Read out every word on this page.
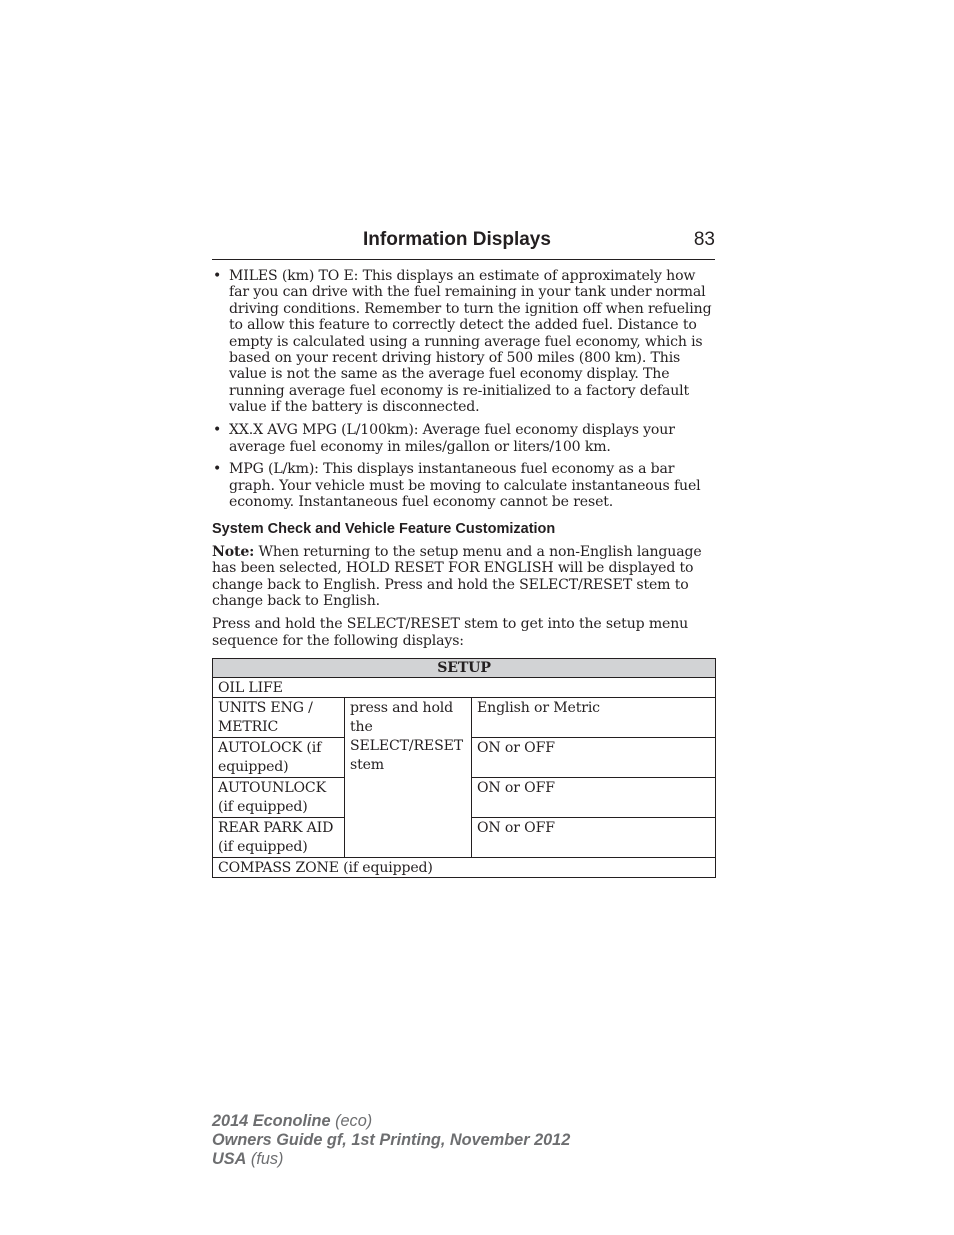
Information Displays	83
• MILES (km) TO E: This displays an estimate of approximately how far you can drive with the fuel remaining in your tank under normal driving conditions. Remember to turn the ignition off when refueling to allow this feature to correctly detect the added fuel. Distance to empty is calculated using a running average fuel economy, which is based on your recent driving history of 500 miles (800 km). This value is not the same as the average fuel economy display. The running average fuel economy is re-initialized to a factory default value if the battery is disconnected.
• XX.X AVG MPG (L/100km): Average fuel economy displays your average fuel economy in miles/gallon or liters/100 km.
• MPG (L/km): This displays instantaneous fuel economy as a bar graph. Your vehicle must be moving to calculate instantaneous fuel economy. Instantaneous fuel economy cannot be reset.
System Check and Vehicle Feature Customization

Note: When returning to the setup menu and a non-English language has been selected, HOLD RESET FOR ENGLISH will be displayed to change back to English. Press and hold the SELECT/RESET stem to change back to English.

Press and hold the SELECT/RESET stem to get into the setup menu sequence for the following displays:

SETUP		
OIL LIFE		
UNITS ENG / METRIC	press and hold the SELECT/RESET stem	English or Metric
AUTOLOCK (if equipped)		ON or OFF
AUTOUNLOCK (if equipped)		ON or OFF
REAR PARK AID (if equipped)		ON or OFF
COMPASS ZONE (if equipped)		
2014 Econoline (eco)
Owners Guide gf, 1st Printing, November 2012
USA (fus)
